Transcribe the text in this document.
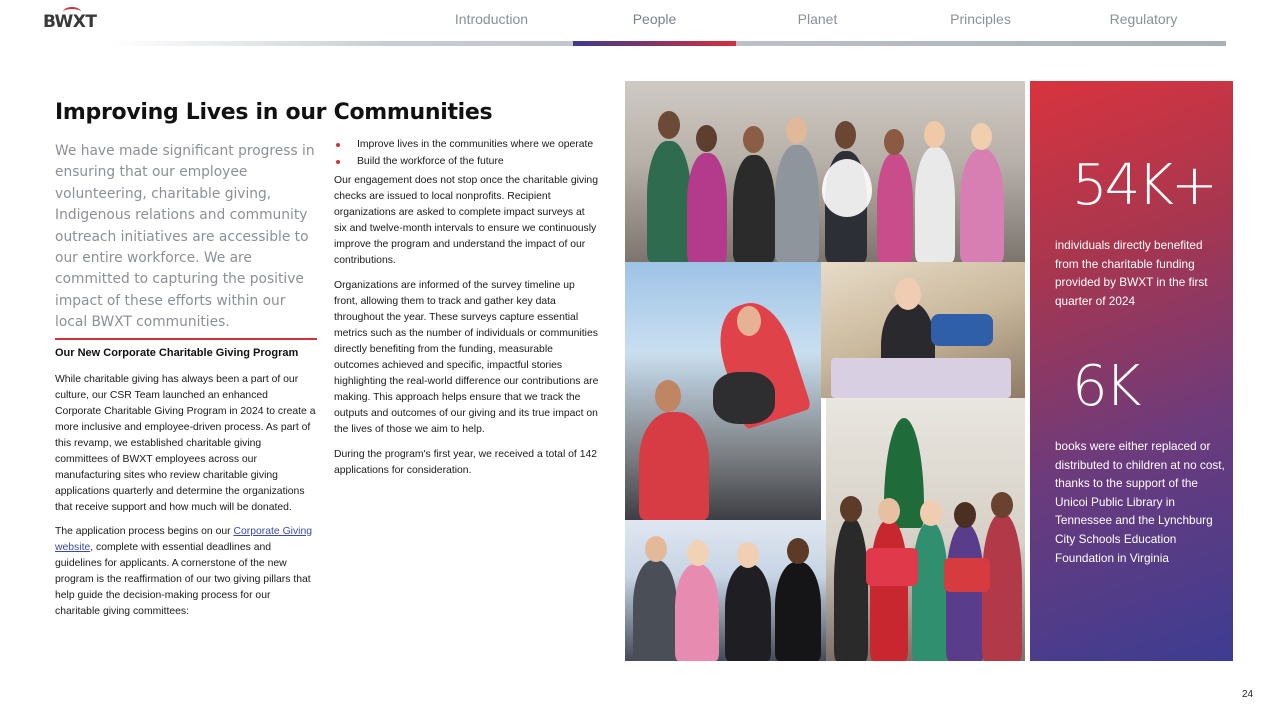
BWXT	Introduction	People	Planet	Principles	Regulatory
Improving Lives in our Communities

We have made significant progress in ensuring that our employee volunteering, charitable giving, Indigenous relations and community outreach initiatives are accessible to our entire workforce. We are committed to capturing the positive impact of these efforts within our local BWXT communities.

Our New Corporate Charitable Giving Program

While charitable giving has always been a part of our culture, our CSR Team launched an enhanced Corporate Charitable Giving Program in 2024 to create a more inclusive and employee-driven process. As part of this revamp, we established charitable giving committees of BWXT employees across our manufacturing sites who review charitable giving applications quarterly and determine the organizations that receive support and how much will be donated.

The application process begins on our Corporate Giving website, complete with essential deadlines and guidelines for applicants. A cornerstone of the new program is the reaffirmation of our two giving pillars that help guide the decision-making process for our charitable giving committees:

Improve lives in the communities where we operate
Build the workforce of the future

Our engagement does not stop once the charitable giving checks are issued to local nonprofits. Recipient organizations are asked to complete impact surveys at six and twelve-month intervals to ensure we continuously improve the program and understand the impact of our contributions.

Organizations are informed of the survey timeline up front, allowing them to track and gather key data throughout the year. These surveys capture essential metrics such as the number of individuals or communities directly benefiting from the funding, measurable outcomes achieved and specific, impactful stories highlighting the real-world difference our contributions are making. This approach helps ensure that we track the outputs and outcomes of our giving and its true impact on the lives of those we aim to help.

During the program's first year, we received a total of 142 applications for consideration.

54K+
individuals directly benefited from the charitable funding provided by BWXT in the first quarter of 2024
6K
books were either replaced or distributed to children at no cost, thanks to the support of the Unicoi Public Library in Tennessee and the Lynchburg City Schools Education Foundation in Virginia
24
